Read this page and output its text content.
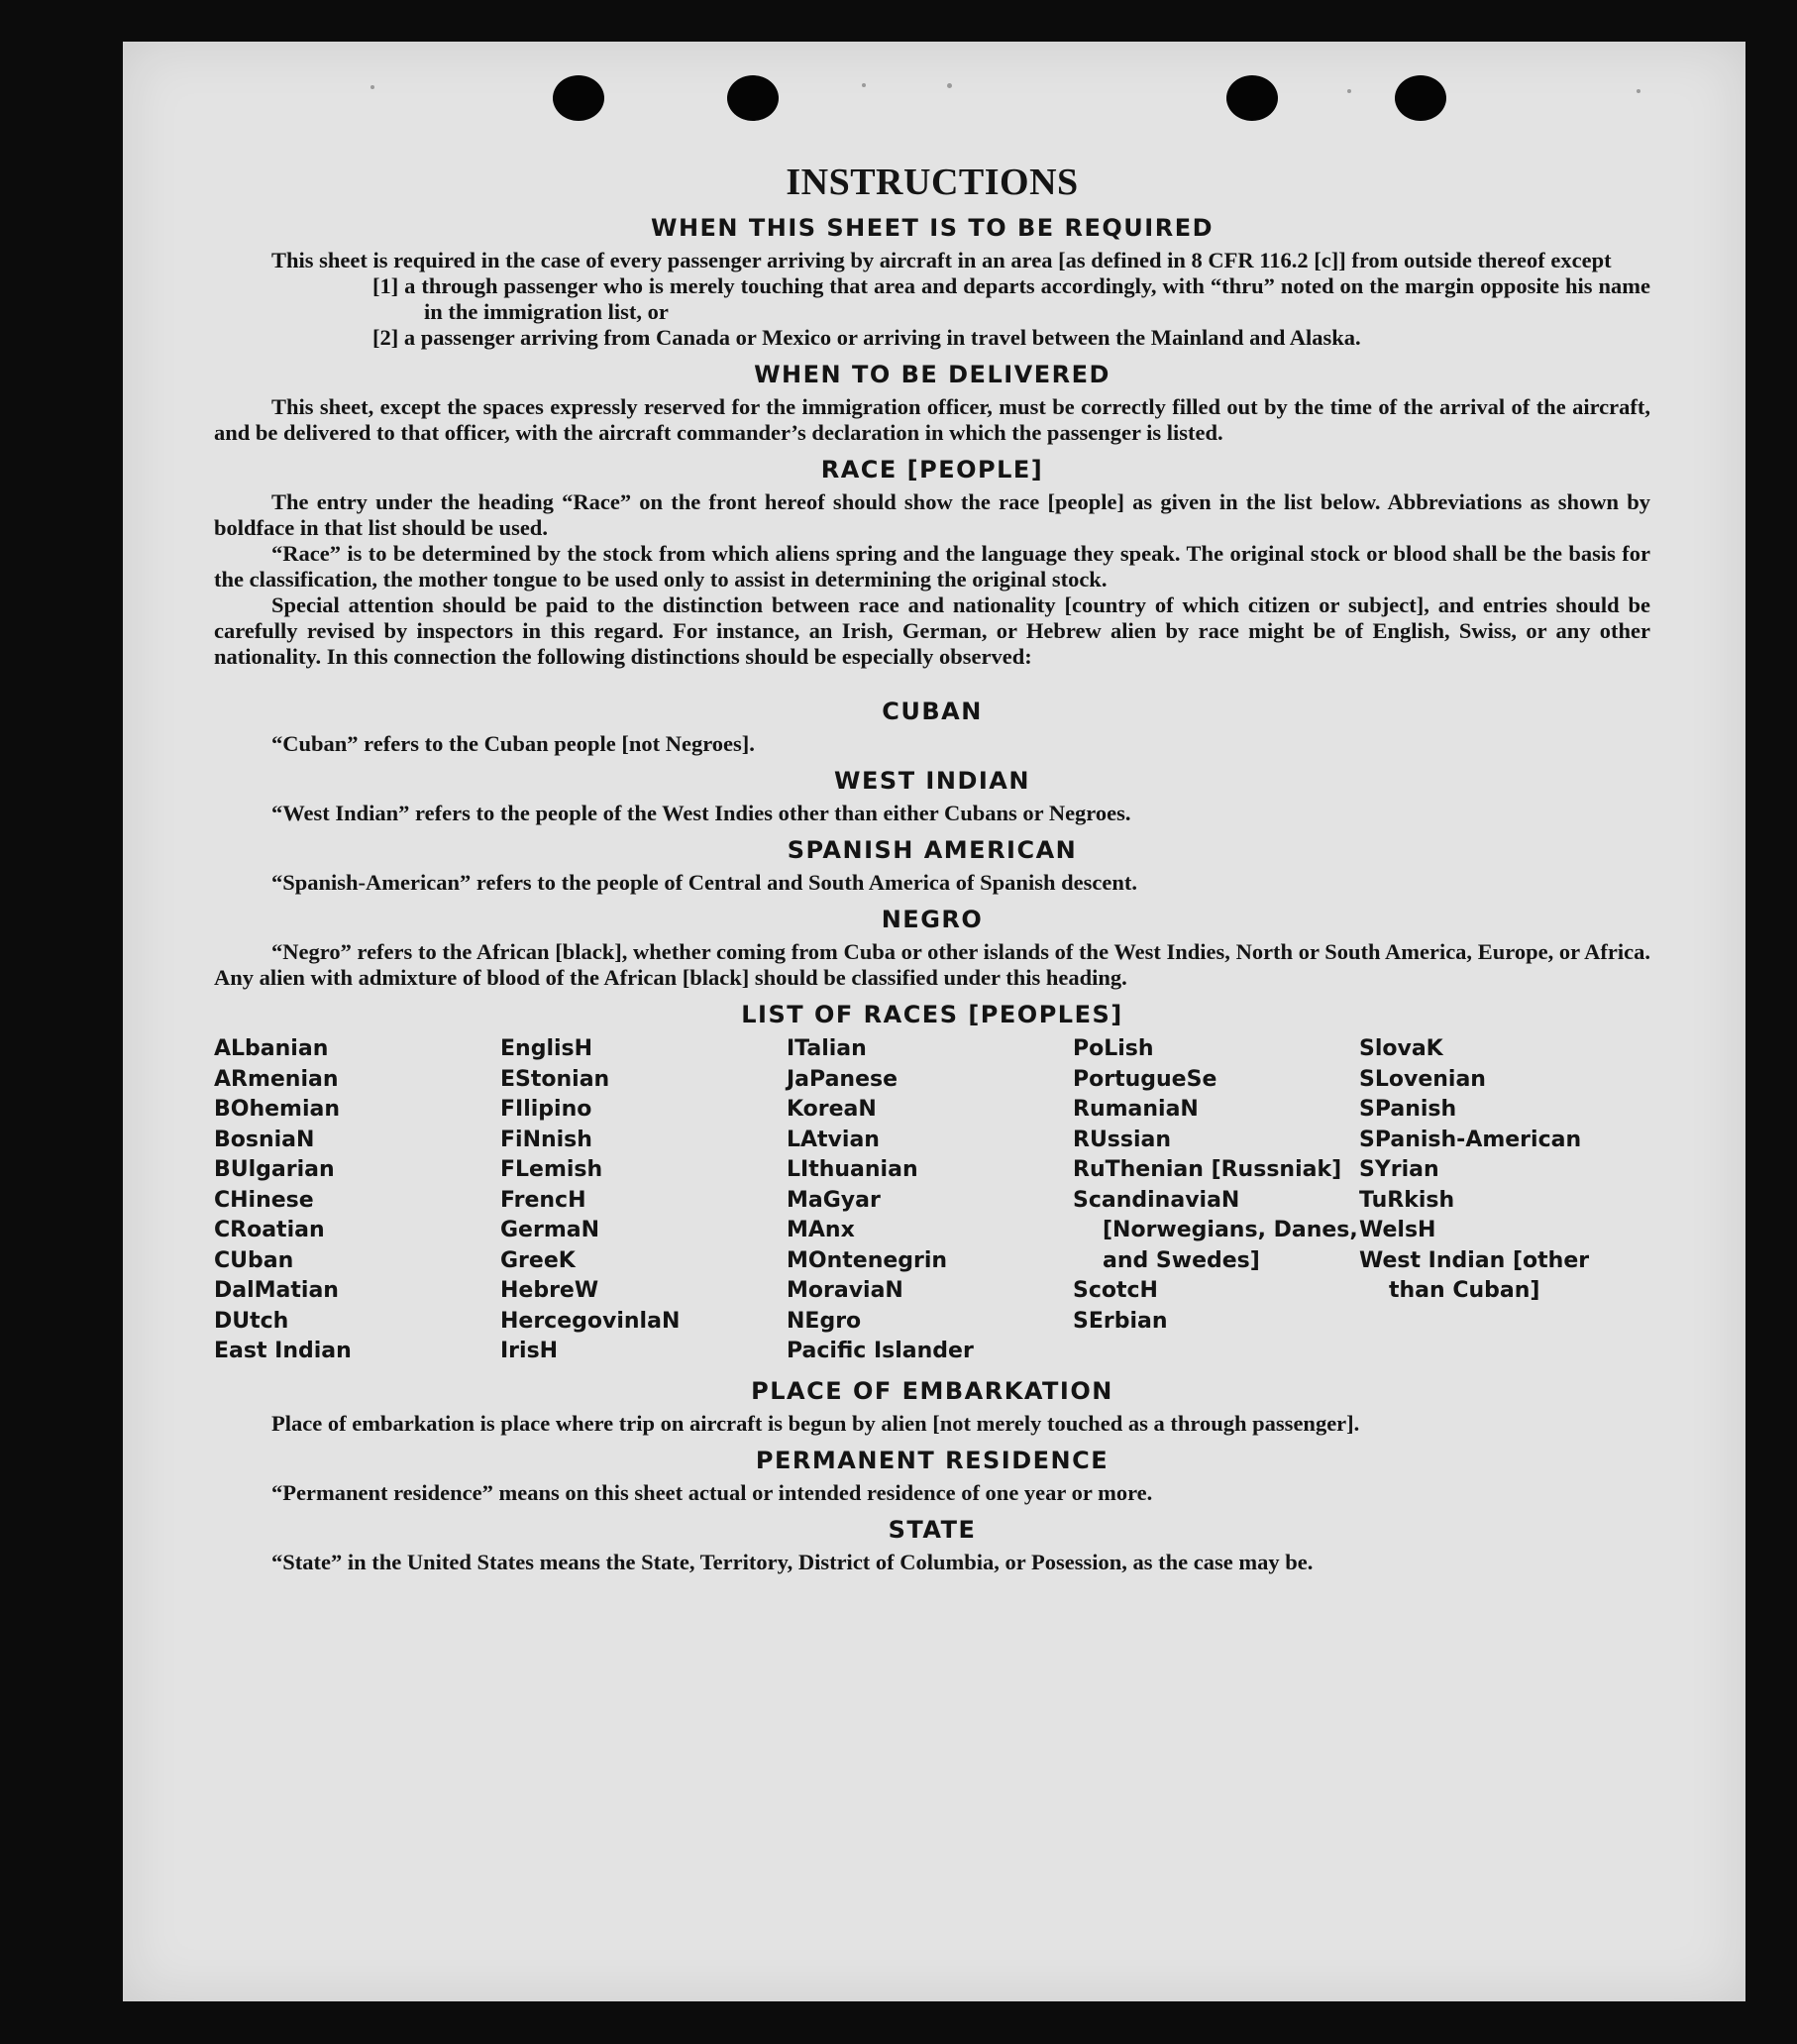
INSTRUCTIONS
WHEN THIS SHEET IS TO BE REQUIRED

This sheet is required in the case of every passenger arriving by aircraft in an area [as defined in 8 CFR 116.2 [c]] from outside thereof except

[1] a through passenger who is merely touching that area and departs accordingly, with “thru” noted on the margin opposite his name in the immigration list, or

[2] a passenger arriving from Canada or Mexico or arriving in travel between the Mainland and Alaska.

WHEN TO BE DELIVERED

This sheet, except the spaces expressly reserved for the immigration officer, must be correctly filled out by the time of the arrival of the aircraft, and be delivered to that officer, with the aircraft commander’s declaration in which the passenger is listed.

RACE [PEOPLE]

The entry under the heading “Race” on the front hereof should show the race [people] as given in the list below. Abbreviations as shown by boldface in that list should be used.

“Race” is to be determined by the stock from which aliens spring and the language they speak. The original stock or blood shall be the basis for the classification, the mother tongue to be used only to assist in determining the original stock.

Special attention should be paid to the distinction between race and nationality [country of which citizen or subject], and entries should be carefully revised by inspectors in this regard. For instance, an Irish, German, or Hebrew alien by race might be of English, Swiss, or any other nationality. In this connection the following distinctions should be especially observed:

CUBAN

“Cuban” refers to the Cuban people [not Negroes].

WEST INDIAN

“West Indian” refers to the people of the West Indies other than either Cubans or Negroes.

SPANISH AMERICAN

“Spanish-American” refers to the people of Central and South America of Spanish descent.

NEGRO

“Negro” refers to the African [black], whether coming from Cuba or other islands of the West Indies, North or South America, Europe, or Africa. Any alien with admixture of blood of the African [black] should be classified under this heading.

LIST OF RACES [PEOPLES]
ALbanian
ARmenian
BOhemian
BosniaN
BUlgarian
CHinese
CRoatian
CUban
DalMatian
DUtch
East Indian
EnglisH
EStonian
FIlipino
FiNnish
FLemish
FrencH
GermaN
GreeK
HebreW
HercegovinlaN
IrisH
ITalian
JaPanese
KoreaN
LAtvian
LIthuanian
MaGyar
MAnx
MOntenegrin
MoraviaN
NEgro
Pacific Islander
PoLish
PortugueSe
RumaniaN
RUssian
RuThenian [Russniak]
ScandinaviaN [Norwegians, Danes, and Swedes]
ScotcH
SErbian
SlovaK
SLovenian
SPanish
SPanish-American
SYrian
TuRkish
WelsH
West Indian [other than Cuban]
PLACE OF EMBARKATION

Place of embarkation is place where trip on aircraft is begun by alien [not merely touched as a through passenger].

PERMANENT RESIDENCE

“Permanent residence” means on this sheet actual or intended residence of one year or more.

STATE

“State” in the United States means the State, Territory, District of Columbia, or Posession, as the case may be.
